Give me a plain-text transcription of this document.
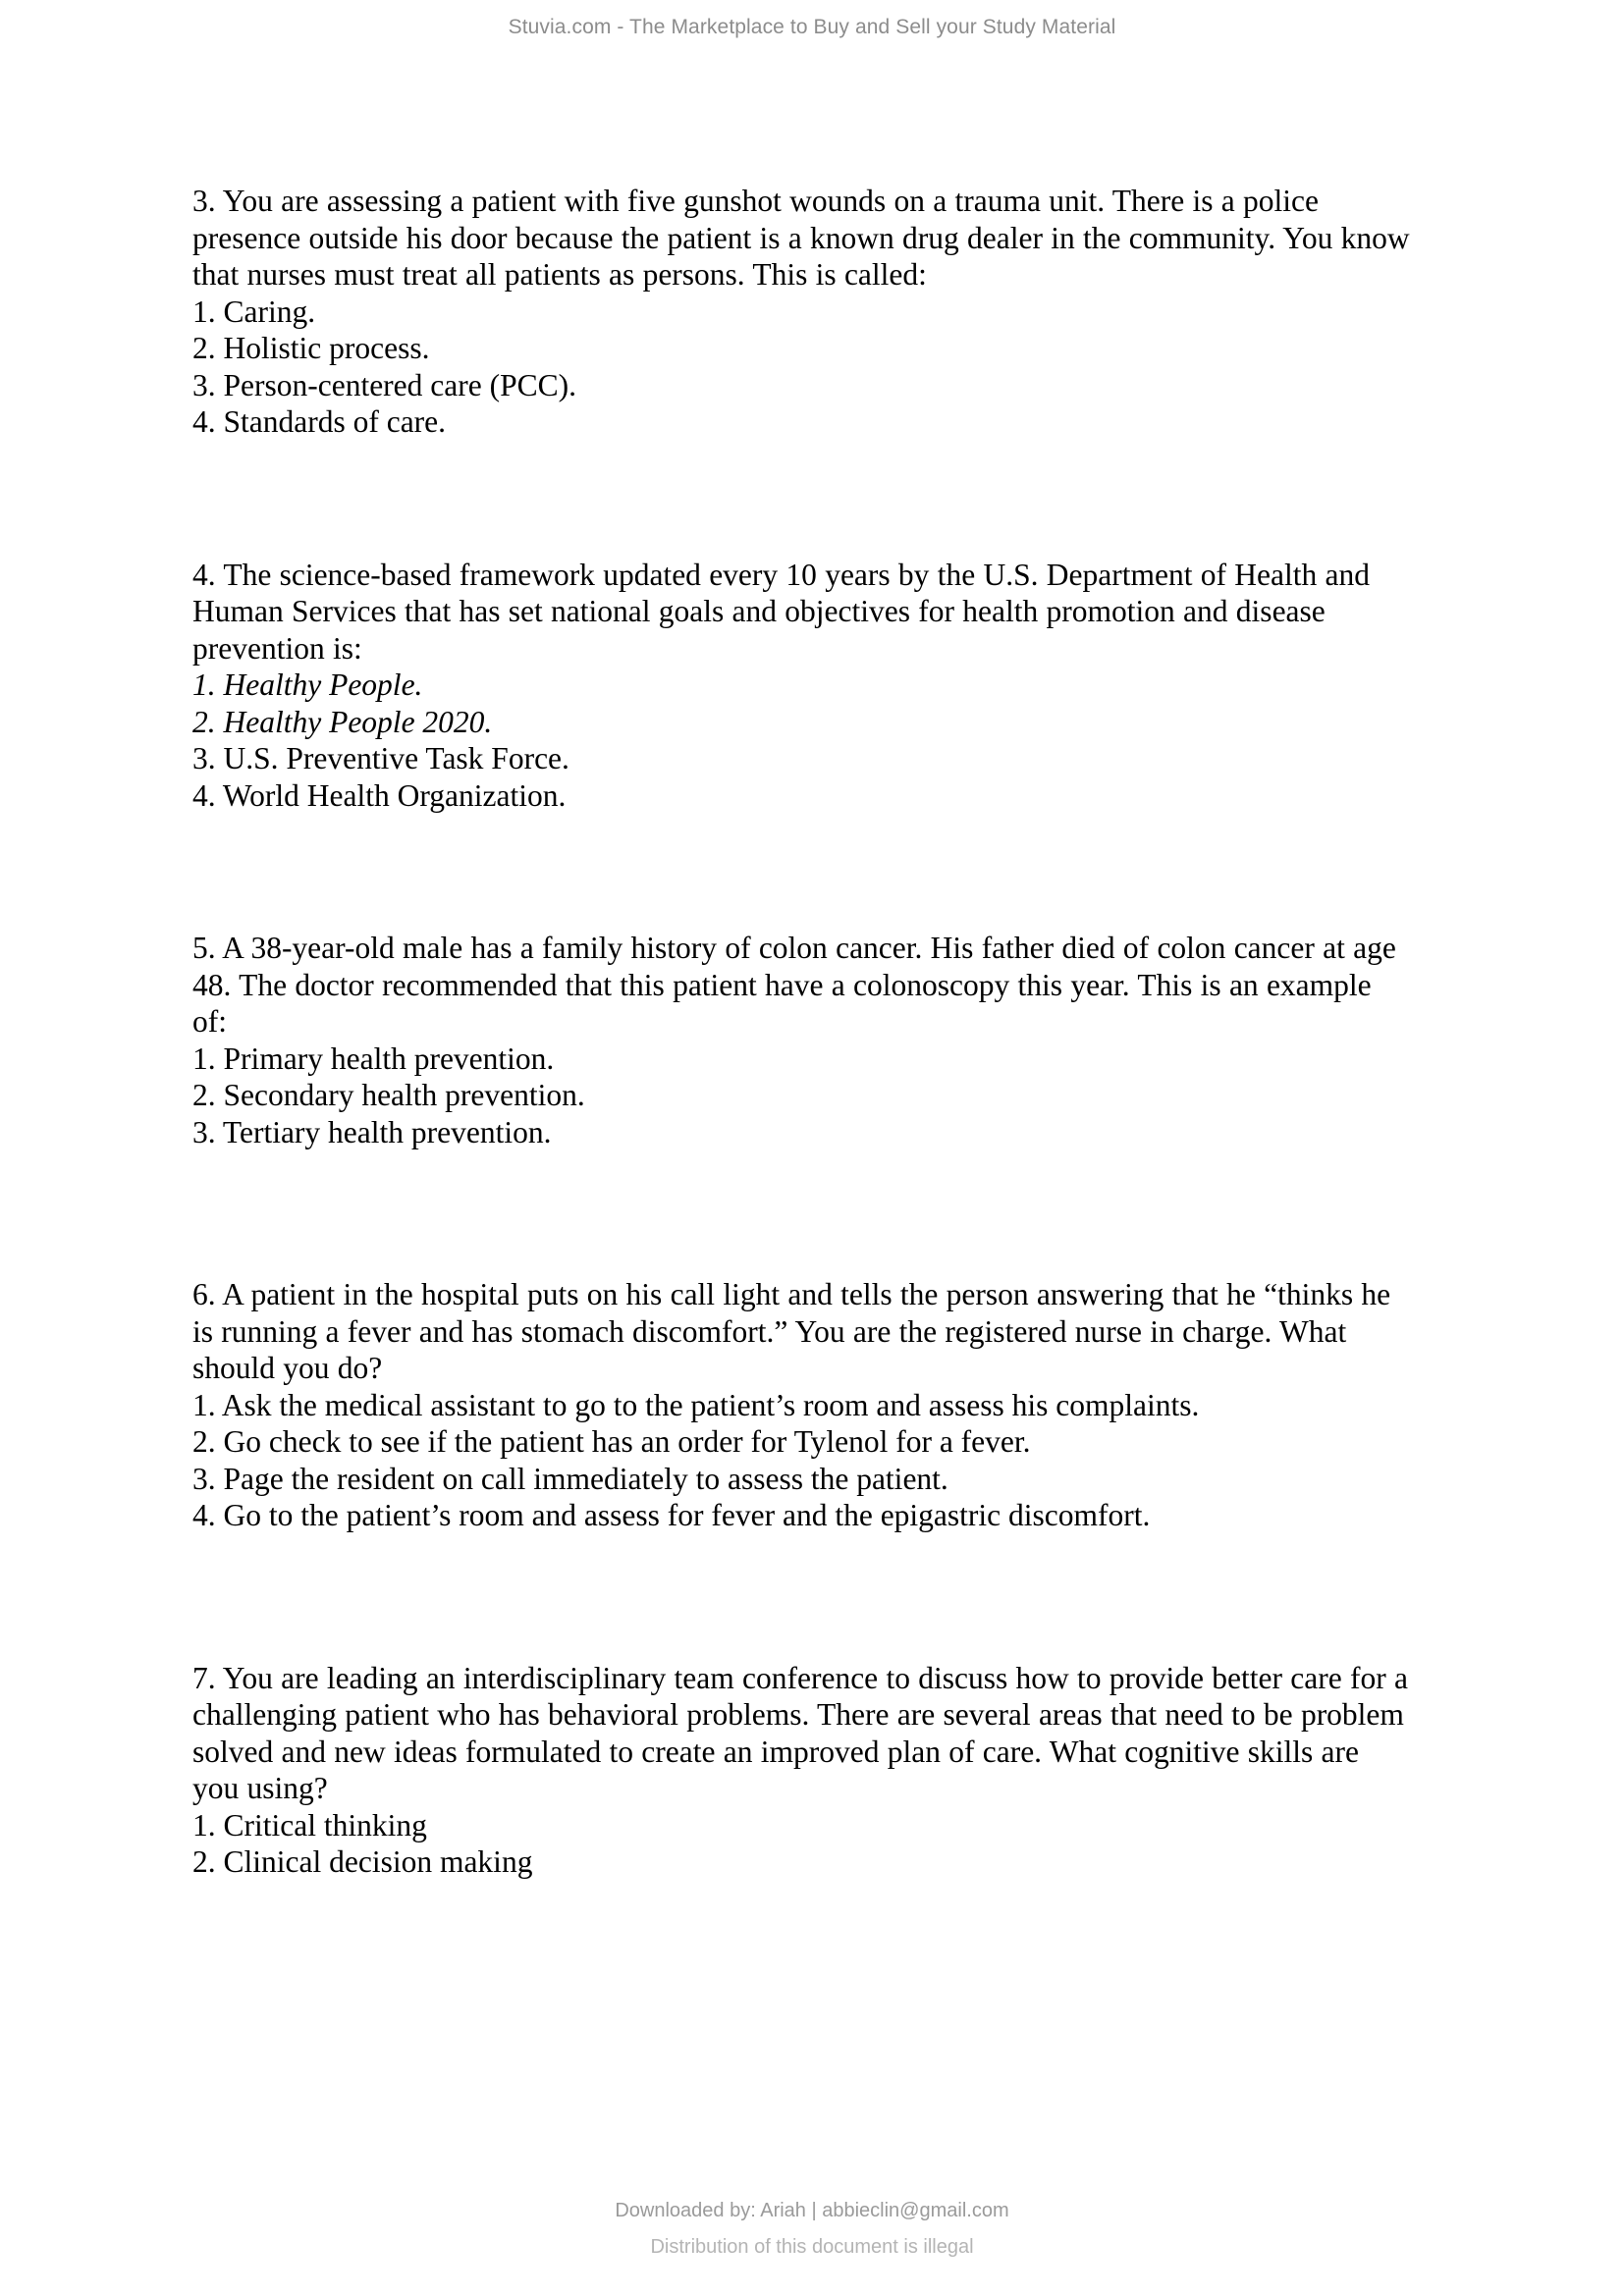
Stuvia.com - The Marketplace to Buy and Sell your Study Material

3. You are assessing a patient with five gunshot wounds on a trauma unit. There is a police presence outside his door because the patient is a known drug dealer in the community. You know that nurses must treat all patients as persons. This is called:

1. Caring.
2. Holistic process.
3. Person-centered care (PCC).
4. Standards of care.

4. The science-based framework updated every 10 years by the U.S. Department of Health and Human Services that has set national goals and objectives for health promotion and disease prevention is:

1. Healthy People.
2. Healthy People 2020.
3. U.S. Preventive Task Force.
4. World Health Organization.

5. A 38-year-old male has a family history of colon cancer. His father died of colon cancer at age 48. The doctor recommended that this patient have a colonoscopy this year. This is an example of:

1. Primary health prevention.
2. Secondary health prevention.
3. Tertiary health prevention.

6. A patient in the hospital puts on his call light and tells the person answering that he “thinks he is running a fever and has stomach discomfort.” You are the registered nurse in charge. What should you do?

1. Ask the medical assistant to go to the patient’s room and assess his complaints.
2. Go check to see if the patient has an order for Tylenol for a fever.
3. Page the resident on call immediately to assess the patient.
4. Go to the patient’s room and assess for fever and the epigastric discomfort.

7. You are leading an interdisciplinary team conference to discuss how to provide better care for a challenging patient who has behavioral problems. There are several areas that need to be problem solved and new ideas formulated to create an improved plan of care. What cognitive skills are you using?

1. Critical thinking
2. Clinical decision making
Downloaded by: Ariah | abbieclin@gmail.com
Distribution of this document is illegal
